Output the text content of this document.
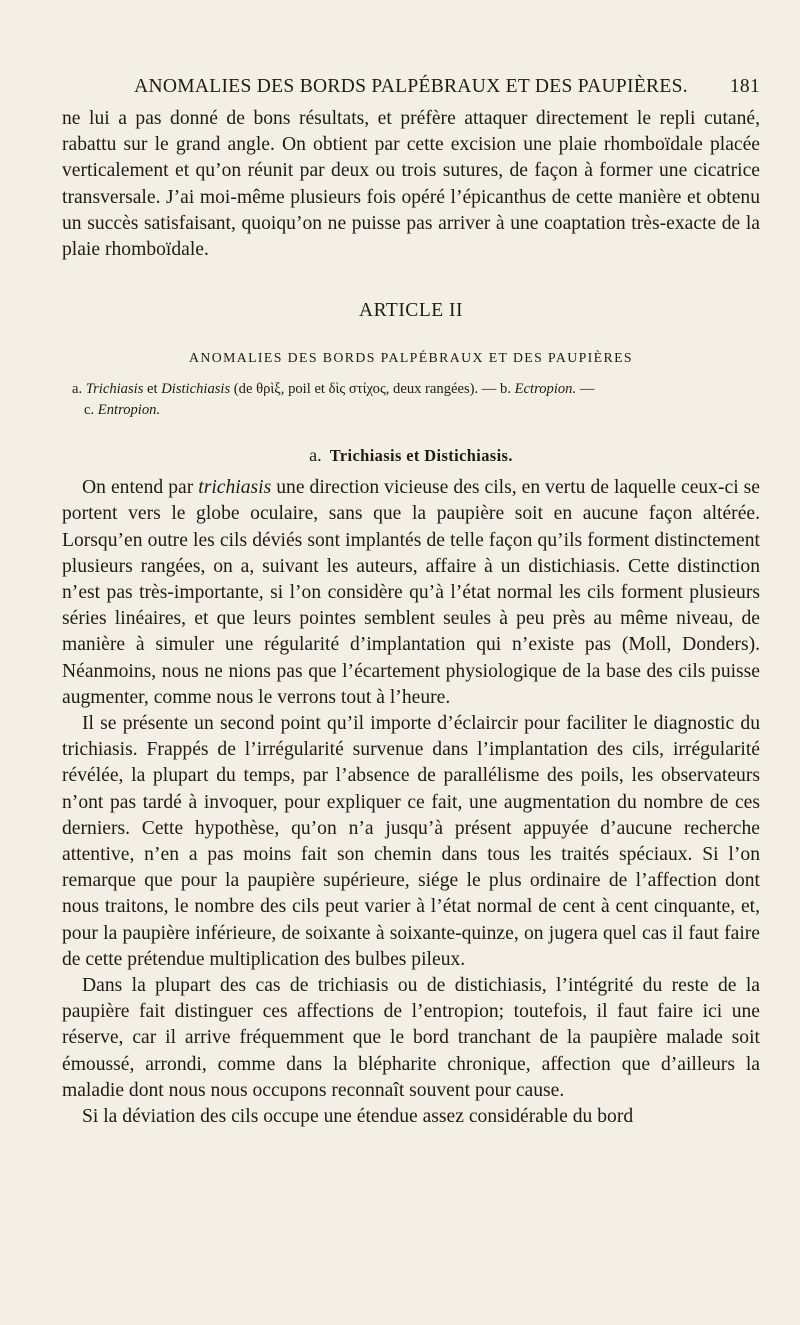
ANOMALIES DES BORDS PALPÉBRAUX ET DES PAUPIÈRES. 181

ne lui a pas donné de bons résultats, et préfère attaquer directement le repli cutané, rabattu sur le grand angle. On obtient par cette excision une plaie rhomboïdale placée verticalement et qu’on réunit par deux ou trois sutures, de façon à former une cicatrice transversale. J’ai moi-même plusieurs fois opéré l’épicanthus de cette manière et obtenu un succès satisfaisant, quoiqu’on ne puisse pas arriver à une coaptation très-exacte de la plaie rhomboïdale.

ARTICLE II
ANOMALIES DES BORDS PALPÉBRAUX ET DES PAUPIÈRES
a. Trichiasis et Distichiasis (de θρὶξ, poil et δὶς στίχος, deux rangées). — b. Ectropion. —
c. Entropion.
a. Trichiasis et Distichiasis.

On entend par trichiasis une direction vicieuse des cils, en vertu de laquelle ceux-ci se portent vers le globe oculaire, sans que la paupière soit en aucune façon altérée. Lorsqu’en outre les cils déviés sont implantés de telle façon qu’ils forment distinctement plusieurs rangées, on a, suivant les auteurs, affaire à un distichiasis. Cette distinction n’est pas très-importante, si l’on considère qu’à l’état normal les cils forment plusieurs séries linéaires, et que leurs pointes semblent seules à peu près au même niveau, de manière à simuler une régularité d’implantation qui n’existe pas (Moll, Donders). Néanmoins, nous ne nions pas que l’écartement physiologique de la base des cils puisse augmenter, comme nous le verrons tout à l’heure.

Il se présente un second point qu’il importe d’éclaircir pour faciliter le diagnostic du trichiasis. Frappés de l’irrégularité survenue dans l’implantation des cils, irrégularité révélée, la plupart du temps, par l’absence de parallélisme des poils, les observateurs n’ont pas tardé à invoquer, pour expliquer ce fait, une augmentation du nombre de ces derniers. Cette hypothèse, qu’on n’a jusqu’à présent appuyée d’aucune recherche attentive, n’en a pas moins fait son chemin dans tous les traités spéciaux. Si l’on remarque que pour la paupière supérieure, siége le plus ordinaire de l’affection dont nous traitons, le nombre des cils peut varier à l’état normal de cent à cent cinquante, et, pour la paupière inférieure, de soixante à soixante-quinze, on jugera quel cas il faut faire de cette prétendue multiplication des bulbes pileux.

Dans la plupart des cas de trichiasis ou de distichiasis, l’intégrité du reste de la paupière fait distinguer ces affections de l’entropion; toutefois, il faut faire ici une réserve, car il arrive fréquemment que le bord tranchant de la paupière malade soit émoussé, arrondi, comme dans la blépharite chronique, affection que d’ailleurs la maladie dont nous nous occupons reconnaît souvent pour cause.

Si la déviation des cils occupe une étendue assez considérable du bord
